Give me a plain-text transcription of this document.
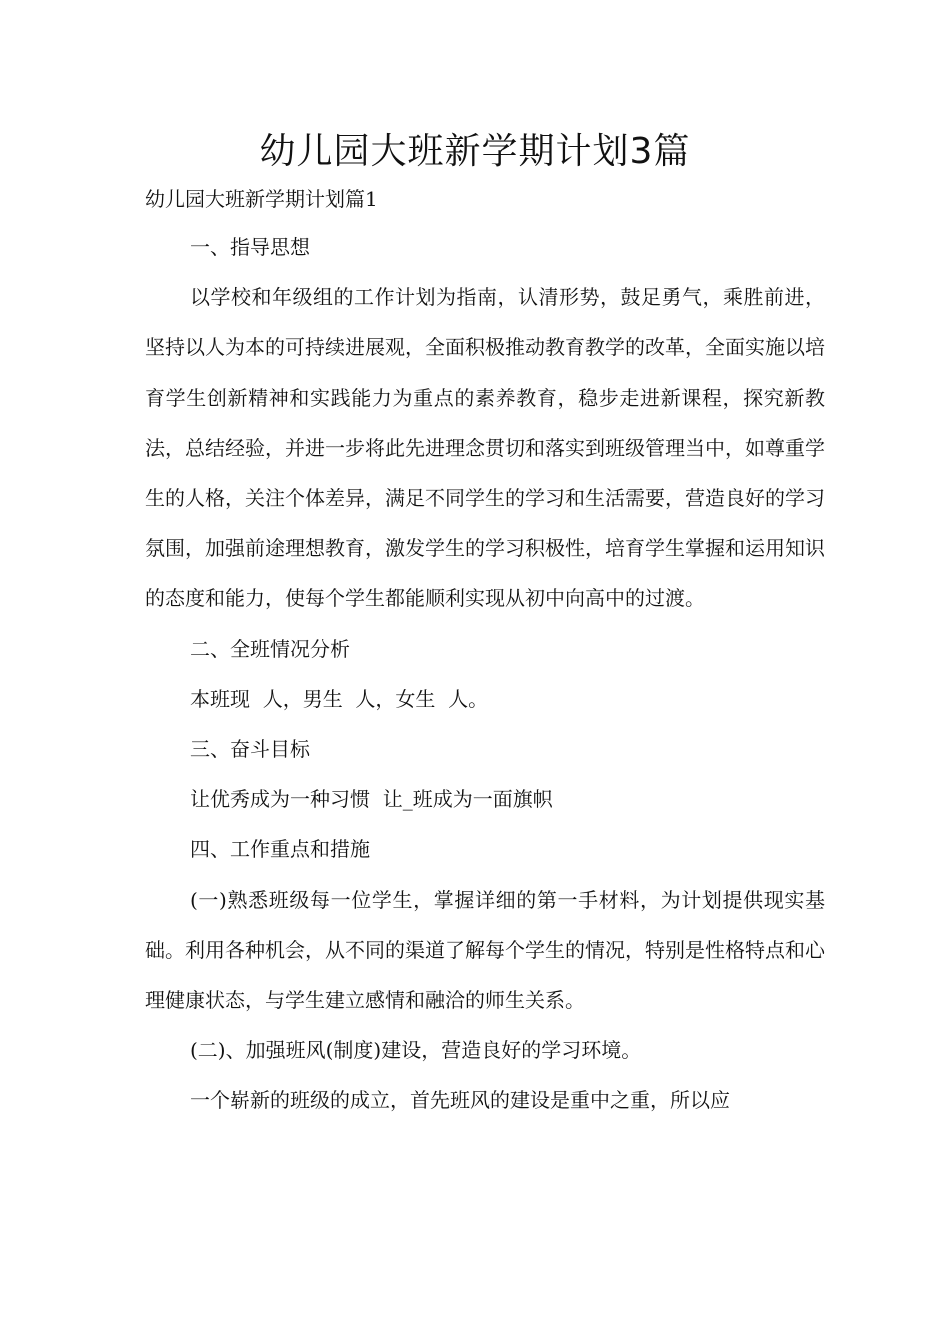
幼儿园大班新学期计划3篇
幼儿园大班新学期计划篇1

一、指导思想

以学校和年级组的工作计划为指南，认清形势，鼓足勇气，乘胜前进，坚持以人为本的可持续进展观，全面积极推动教育教学的改革，全面实施以培育学生创新精神和实践能力为重点的素养教育，稳步走进新课程，探究新教法，总结经验，并进一步将此先进理念贯切和落实到班级管理当中，如尊重学生的人格，关注个体差异，满足不同学生的学习和生活需要，营造良好的学习氛围，加强前途理想教育，激发学生的学习积极性，培育学生掌握和运用知识的态度和能力，使每个学生都能顺利实现从初中向高中的过渡。

二、全班情况分析

本班现  人，男生  人，女生  人。

三、奋斗目标

让优秀成为一种习惯  让_班成为一面旗帜

四、工作重点和措施

(一)熟悉班级每一位学生，掌握详细的第一手材料，为计划提供现实基础。利用各种机会，从不同的渠道了解每个学生的情况，特别是性格特点和心理健康状态，与学生建立感情和融洽的师生关系。

(二)、加强班风(制度)建设，营造良好的学习环境。

一个崭新的班级的成立，首先班风的建设是重中之重，所以应
